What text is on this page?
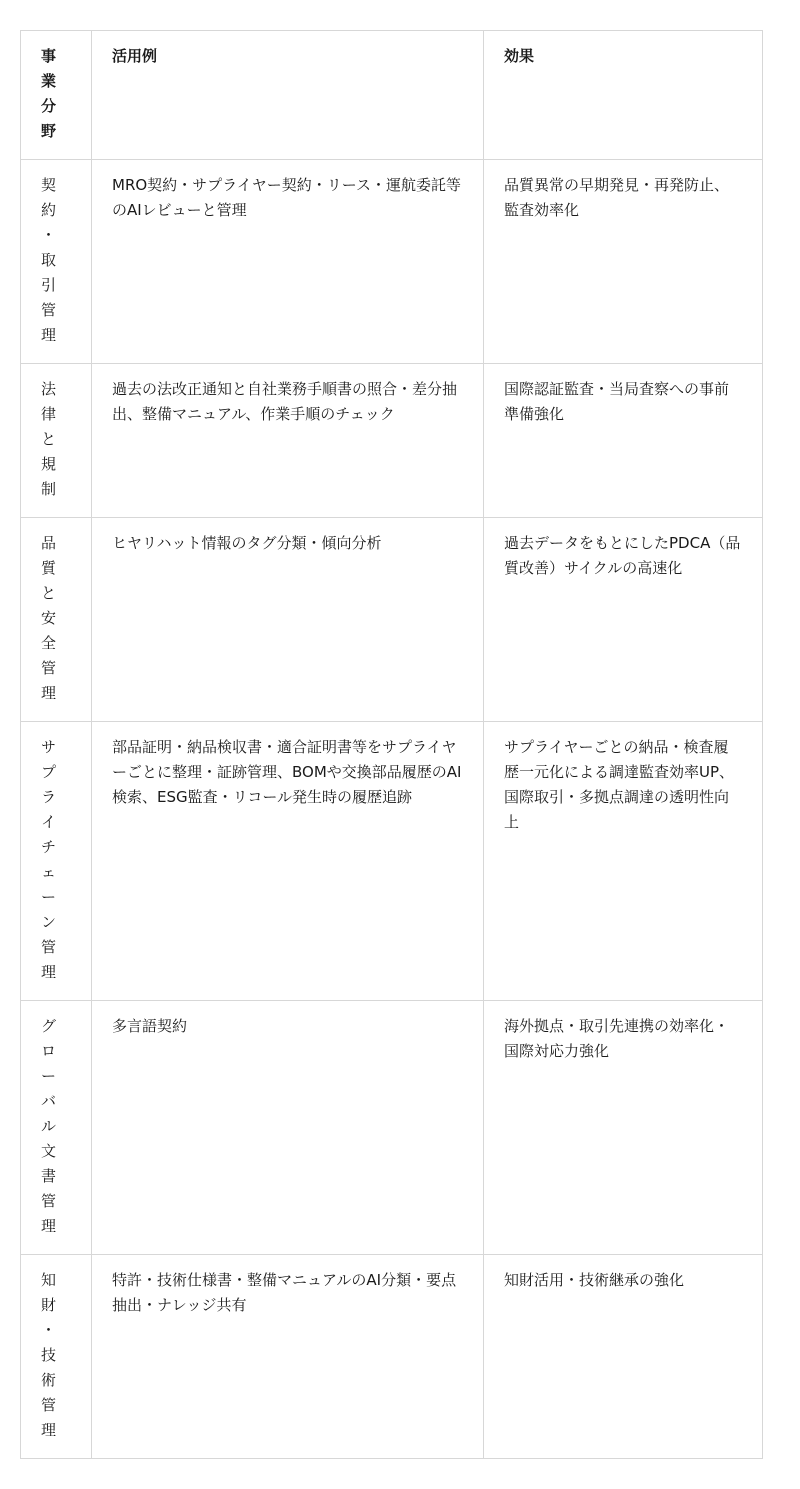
事業分野	活用例	効果

契約・取引管理	MRO契約・サプライヤー契約・リース・運航委託等のAIレビューと管理	品質異常の早期発見・再発防止、監査効率化

法律と規制	過去の法改正通知と自社業務手順書の照合・差分抽出、整備マニュアル、作業手順のチェック	国際認証監査・当局査察への事前準備強化

品質と安全管理	ヒヤリハット情報のタグ分類・傾向分析	過去データをもとにしたPDCA（品質改善）サイクルの高速化

サプライチェーン管理	部品証明・納品検収書・適合証明書等をサプライヤーごとに整理・証跡管理、BOMや交換部品履歴のAI検索、ESG監査・リコール発生時の履歴追跡	サプライヤーごとの納品・検査履歴一元化による調達監査効率UP、国際取引・多拠点調達の透明性向上

グローバル文書管理	多言語契約	海外拠点・取引先連携の効率化・国際対応力強化

知財・技術管理	特許・技術仕様書・整備マニュアルのAI分類・要点抽出・ナレッジ共有	知財活用・技術継承の強化
